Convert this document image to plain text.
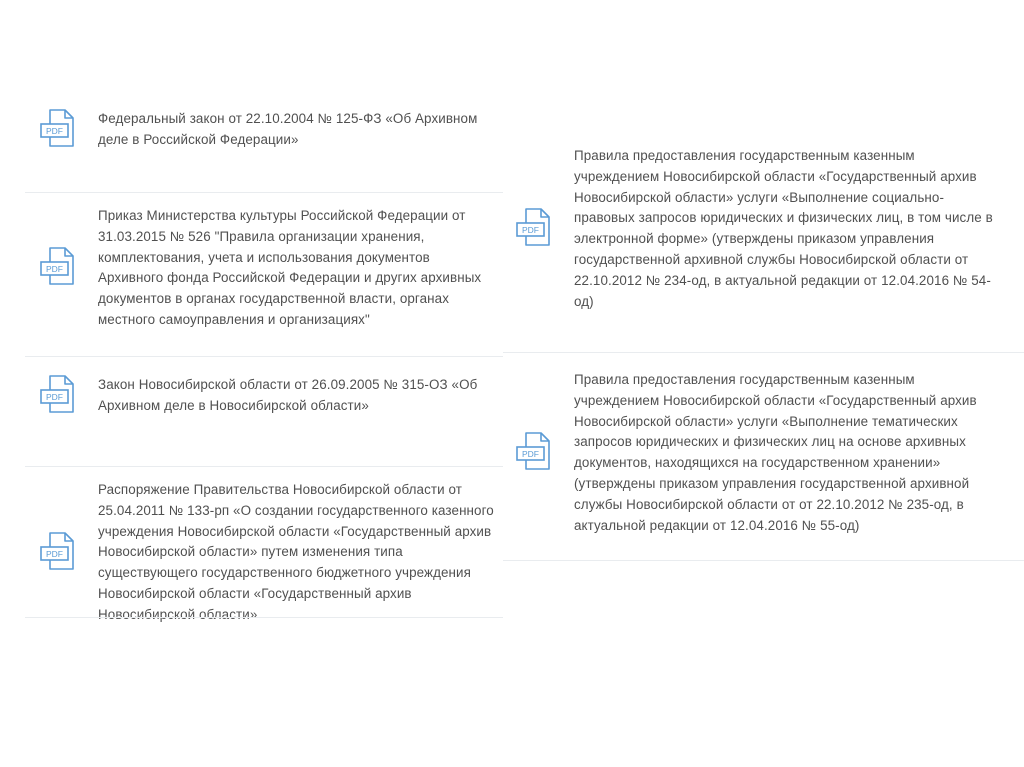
PDF
Федеральный закон от 22.10.2004 № 125-ФЗ «Об Архивном деле в Российской Федерации»
PDF
Приказ Министерства культуры Российской Федерации от 31.03.2015 № 526 "Правила организации хранения, комплектования, учета и использования документов Архивного фонда Российской Федерации и других архивных документов в органах государственной власти, органах местного самоуправления и организациях"
PDF
Закон Новосибирской области от 26.09.2005 № 315-ОЗ «Об Архивном деле в Новосибирской области»
PDF
Распоряжение Правительства Новосибирской области от 25.04.2011 № 133-рп «О создании государственного казенного учреждения Новосибирской области «Государственный архив Новосибирской области» путем изменения типа существующего государственного бюджетного учреждения Новосибирской области «Государственный архив Новосибирской области»
PDF
Правила предоставления государственным казенным учреждением Новосибирской области «Государственный архив Новосибирской области» услуги «Выполнение социально-правовых запросов юридических и физических лиц, в том числе в электронной форме» (утверждены приказом управления государственной архивной службы Новосибирской области от 22.10.2012 № 234-од, в актуальной редакции от 12.04.2016 № 54-од)
PDF
Правила предоставления государственным казенным учреждением Новосибирской области «Государственный архив Новосибирской области» услуги «Выполнение тематических запросов юридических и физических лиц на основе архивных документов, находящихся на государственном хранении» (утверждены приказом управления государственной архивной службы Новосибирской области от от 22.10.2012 № 235-од, в актуальной редакции от 12.04.2016 № 55-од)
